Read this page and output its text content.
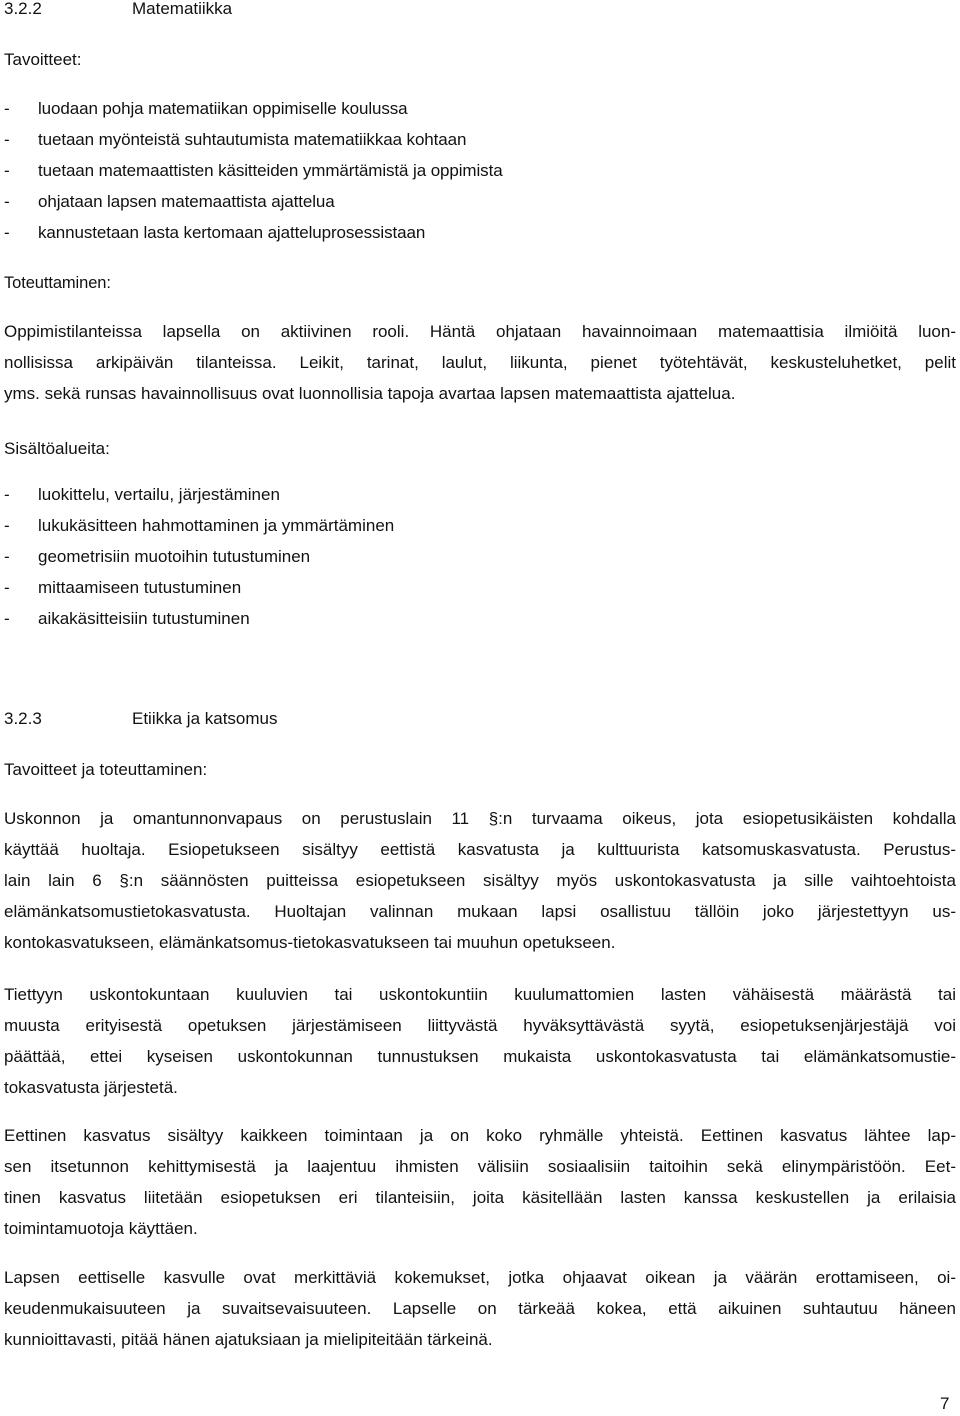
3.2.2	Matematiikka

Tavoitteet:

-	luodaan pohja matematiikan oppimiselle koulussa
-	tuetaan myönteistä suhtautumista matematiikkaa kohtaan
-	tuetaan matemaattisten käsitteiden ymmärtämistä ja oppimista
-	ohjataan lapsen matemaattista ajattelua
-	kannustetaan lasta kertomaan ajatteluprosessistaan

Toteuttaminen:

Oppimistilanteissa lapsella on aktiivinen rooli. Häntä ohjataan havainnoimaan matemaattisia ilmiöitä luon-

nollisissa arkipäivän tilanteissa. Leikit, tarinat, laulut, liikunta, pienet työtehtävät, keskusteluhetket, pelit

yms. sekä runsas havainnollisuus ovat luonnollisia tapoja avartaa lapsen matemaattista ajattelua.

Sisältöalueita:

-	luokittelu, vertailu, järjestäminen
-	lukukäsitteen hahmottaminen ja ymmärtäminen
-	geometrisiin muotoihin tutustuminen
-	mittaamiseen tutustuminen
-	aikakäsitteisiin tutustuminen
3.2.3	Etiikka ja katsomus

Tavoitteet ja toteuttaminen:

Uskonnon ja omantunnonvapaus on perustuslain 11 §:n turvaama oikeus, jota esiopetusikäisten kohdalla

käyttää huoltaja. Esiopetukseen sisältyy eettistä kasvatusta ja kulttuurista katsomuskasvatusta. Perustus-

lain lain 6 §:n säännösten puitteissa esiopetukseen sisältyy myös uskontokasvatusta ja sille vaihtoehtoista

elämänkatsomustietokasvatusta. Huoltajan valinnan mukaan lapsi osallistuu tällöin joko järjestettyyn us-

kontokasvatukseen, elämänkatsomus-tietokasvatukseen tai muuhun opetukseen.

Tiettyyn uskontokuntaan kuuluvien tai uskontokuntiin kuulumattomien lasten vähäisestä määrästä tai

muusta erityisestä opetuksen järjestämiseen liittyvästä hyväksyttävästä syytä, esiopetuksenjärjestäjä voi

päättää, ettei kyseisen uskontokunnan tunnustuksen mukaista uskontokasvatusta tai elämänkatsomustie-

tokasvatusta järjestetä.

Eettinen kasvatus sisältyy kaikkeen toimintaan ja on koko ryhmälle yhteistä. Eettinen kasvatus lähtee lap-

sen itsetunnon kehittymisestä ja laajentuu ihmisten välisiin sosiaalisiin taitoihin sekä elinympäristöön. Eet-

tinen kasvatus liitetään esiopetuksen eri tilanteisiin, joita käsitellään lasten kanssa keskustellen ja erilaisia

toimintamuotoja käyttäen.

Lapsen eettiselle kasvulle ovat merkittäviä kokemukset, jotka ohjaavat oikean ja väärän erottamiseen, oi-

keudenmukaisuuteen ja suvaitsevaisuuteen. Lapselle on tärkeää kokea, että aikuinen suhtautuu häneen

kunnioittavasti, pitää hänen ajatuksiaan ja mielipiteitään tärkeinä.

7
